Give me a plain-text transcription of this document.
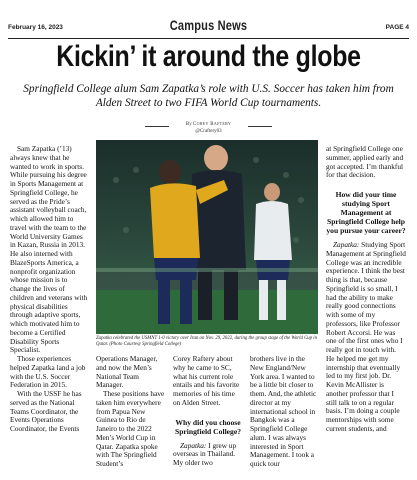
February 16, 2023	Campus News	PAGE 4
Kickin’ it around the globe
Springfield College alum Sam Zapatka’s role with U.S. Soccer has taken him from Alden Street to two FIFA World Cup tournaments.
By Corey Raftery
@Craftery03

Sam Zapatka (’13) always knew that he wanted to work in sports. While pursuing his degree in Sports Management at Springfield College, he served as the Pride’s assistant volleyball coach, which allowed him to travel with the team to the World University Games in Kazan, Russia in 2013. He also interned with BlazeSports America, a nonprofit organization whose mission is to change the lives of children and veterans with physical disabilities through adaptive sports, which motivated him to become a Certified Disability Sports Specialist.

Those experiences helped Zapatka land a job with the U.S. Soccer Federation in 2015.

With the USSF he has served as the National Teams Coordinator, the Events Operations Coordinator, the Events

Zapatka celebrated the USMNT 1-0 victory over Iran on Nov. 29, 2022, during the group stage of the World Cup in Qatar. (Photo Courtesy Springfield College)

Operations Manager, and now the Men’s National Team Manager.

These positions have taken him everywhere from Papua New Guinea to Rio de Janeiro to the 2022 Men’s World Cup in Qatar. Zapatka spoke with The Springfield Student’s

Corey Raftery about why he came to SC, what his current role entails and his favorite memories of his time on Alden Street.

Why did you choose Springfield College?

Zapatka: I grew up overseas in Thailand. My older two

brothers live in the New England/New York area. I wanted to be a little bit closer to them. And, the athletic director at my international school in Bangkok was a Springfield College alum. I was always interested in Sport Management. I took a quick tour

at Springfield College one summer, applied early and got accepted. I’m thankful for that decision.

How did your time studying Sport Management at Springfield College help you pursue your career?

Zapatka: Studying Sport Management at Springfield College was an incredible experience. I think the best thing is that, because Springfield is so small, I had the ability to make really good connections with some of my professors, like Professor Robert Accorsi. He was one of the first ones who I really got in touch with. He helped me get my internship that eventually led to my first job. Dr. Kevin McAllister is another professor that I still talk to on a regular basis. I’m doing a couple mentorships with some current students, and
